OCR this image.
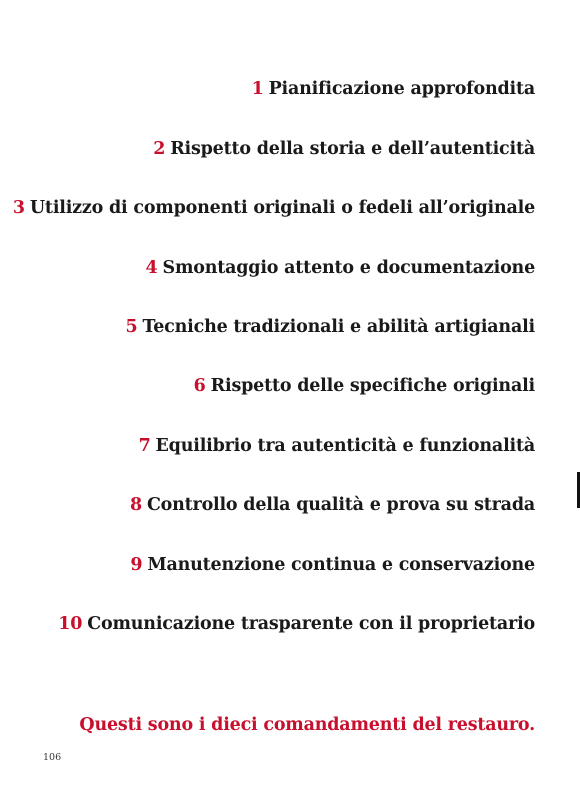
1 Pianificazione approfondita
2 Rispetto della storia e dell’autenticità
3 Utilizzo di componenti originali o fedeli all’originale
4 Smontaggio attento e documentazione
5 Tecniche tradizionali e abilità artigianali
6 Rispetto delle specifiche originali
7 Equilibrio tra autenticità e funzionalità
8 Controllo della qualità e prova su strada
9 Manutenzione continua e conservazione
10 Comunicazione trasparente con il proprietario
Questi sono i dieci comandamenti del restauro.
106
